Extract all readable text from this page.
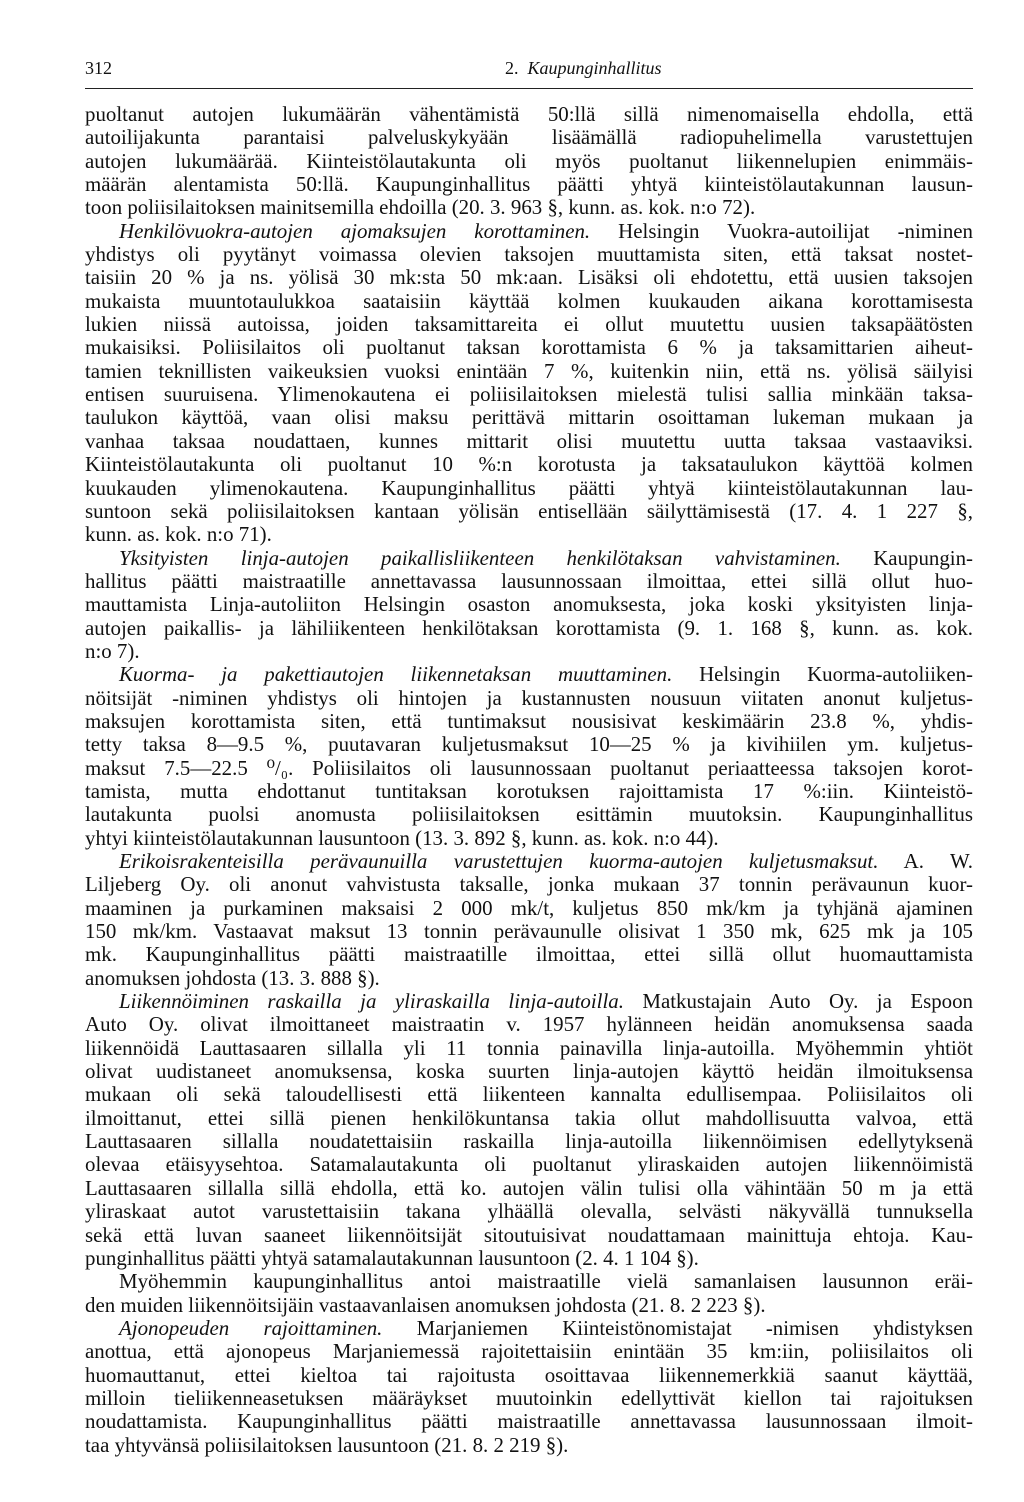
312	2. Kaupunginhallitus
puoltanut autojen lukumäärän vähentämistä 50:llä sillä nimenomaisella ehdolla, että
autoilijakunta parantaisi palveluskykyään lisäämällä radiopuhelimella varustettujen
autojen lukumäärää. Kiinteistölautakunta oli myös puoltanut liikennelupien enimmäis-
määrän alentamista 50:llä. Kaupunginhallitus päätti yhtyä kiinteistölautakunnan lausun-
toon poliisilaitoksen mainitsemilla ehdoilla (20. 3. 963 §, kunn. as. kok. n:o 72).
Henkilövuokra-autojen ajomaksujen korottaminen. Helsingin Vuokra-autoilijat -niminen
yhdistys oli pyytänyt voimassa olevien taksojen muuttamista siten, että taksat nostet-
taisiin 20 % ja ns. yölisä 30 mk:sta 50 mk:aan. Lisäksi oli ehdotettu, että uusien taksojen
mukaista muuntotaulukkoa saataisiin käyttää kolmen kuukauden aikana korottamisesta
lukien niissä autoissa, joiden taksamittareita ei ollut muutettu uusien taksapäätösten
mukaisiksi. Poliisilaitos oli puoltanut taksan korottamista 6 % ja taksamittarien aiheut-
tamien teknillisten vaikeuksien vuoksi enintään 7 %, kuitenkin niin, että ns. yölisä säilyisi
entisen suuruisena. Ylimenokautena ei poliisilaitoksen mielestä tulisi sallia minkään taksa-
taulukon käyttöä, vaan olisi maksu perittävä mittarin osoittaman lukeman mukaan ja
vanhaa taksaa noudattaen, kunnes mittarit olisi muutettu uutta taksaa vastaaviksi.
Kiinteistölautakunta oli puoltanut 10 %:n korotusta ja taksataulukon käyttöä kolmen
kuukauden ylimenokautena. Kaupunginhallitus päätti yhtyä kiinteistölautakunnan lau-
suntoon sekä poliisilaitoksen kantaan yölisän entisellään säilyttämisestä (17. 4. 1 227 §,
kunn. as. kok. n:o 71).
Yksityisten linja-autojen paikallisliikenteen henkilötaksan vahvistaminen. Kaupungin-
hallitus päätti maistraatille annettavassa lausunnossaan ilmoittaa, ettei sillä ollut huo-
mauttamista Linja-autoliiton Helsingin osaston anomuksesta, joka koski yksityisten linja-
autojen paikallis- ja lähiliikenteen henkilötaksan korottamista (9. 1. 168 §, kunn. as. kok.
n:o 7).
Kuorma- ja pakettiautojen liikennetaksan muuttaminen. Helsingin Kuorma-autoliiken-
nöitsijät -niminen yhdistys oli hintojen ja kustannusten nousuun viitaten anonut kuljetus-
maksujen korottamista siten, että tuntimaksut nousisivat keskimäärin 23.8 %, yhdis-
tetty taksa 8—9.5 %, puutavaran kuljetusmaksut 10—25 % ja kivihiilen ym. kuljetus-
maksut 7.5—22.5 ⁰/₀. Poliisilaitos oli lausunnossaan puoltanut periaatteessa taksojen korot-
tamista, mutta ehdottanut tuntitaksan korotuksen rajoittamista 17 %:iin. Kiinteistö-
lautakunta puolsi anomusta poliisilaitoksen esittämin muutoksin. Kaupunginhallitus
yhtyi kiinteistölautakunnan lausuntoon (13. 3. 892 §, kunn. as. kok. n:o 44).
Erikoisrakenteisilla perävaunuilla varustettujen kuorma-autojen kuljetusmaksut. A. W.
Liljeberg Oy. oli anonut vahvistusta taksalle, jonka mukaan 37 tonnin perävaunun kuor-
maaminen ja purkaminen maksaisi 2 000 mk/t, kuljetus 850 mk/km ja tyhjänä ajaminen
150 mk/km. Vastaavat maksut 13 tonnin perävaunulle olisivat 1 350 mk, 625 mk ja 105
mk. Kaupunginhallitus päätti maistraatille ilmoittaa, ettei sillä ollut huomauttamista
anomuksen johdosta (13. 3. 888 §).
Liikennöiminen raskailla ja yliraskailla linja-autoilla. Matkustajain Auto Oy. ja Espoon
Auto Oy. olivat ilmoittaneet maistraatin v. 1957 hylänneen heidän anomuksensa saada
liikennöidä Lauttasaaren sillalla yli 11 tonnia painavilla linja-autoilla. Myöhemmin yhtiöt
olivat uudistaneet anomuksensa, koska suurten linja-autojen käyttö heidän ilmoituksensa
mukaan oli sekä taloudellisesti että liikenteen kannalta edullisempaa. Poliisilaitos oli
ilmoittanut, ettei sillä pienen henkilökuntansa takia ollut mahdollisuutta valvoa, että
Lauttasaaren sillalla noudatettaisiin raskailla linja-autoilla liikennöimisen edellytyksenä
olevaa etäisyysehtoa. Satamalautakunta oli puoltanut yliraskaiden autojen liikennöimistä
Lauttasaaren sillalla sillä ehdolla, että ko. autojen välin tulisi olla vähintään 50 m ja että
yliraskaat autot varustettaisiin takana ylhäällä olevalla, selvästi näkyvällä tunnuksella
sekä että luvan saaneet liikennöitsijät sitoutuisivat noudattamaan mainittuja ehtoja. Kau-
punginhallitus päätti yhtyä satamalautakunnan lausuntoon (2. 4. 1 104 §).
Myöhemmin kaupunginhallitus antoi maistraatille vielä samanlaisen lausunnon eräi-
den muiden liikennöitsijäin vastaavanlaisen anomuksen johdosta (21. 8. 2 223 §).
Ajonopeuden rajoittaminen. Marjaniemen Kiinteistönomistajat -nimisen yhdistyksen
anottua, että ajonopeus Marjaniemessä rajoitettaisiin enintään 35 km:iin, poliisilaitos oli
huomauttanut, ettei kieltoa tai rajoitusta osoittavaa liikennemerkkiä saanut käyttää,
milloin tieliikenneasetuksen määräykset muutoinkin edellyttivät kiellon tai rajoituksen
noudattamista. Kaupunginhallitus päätti maistraatille annettavassa lausunnossaan ilmoit-
taa yhtyvänsä poliisilaitoksen lausuntoon (21. 8. 2 219 §).
